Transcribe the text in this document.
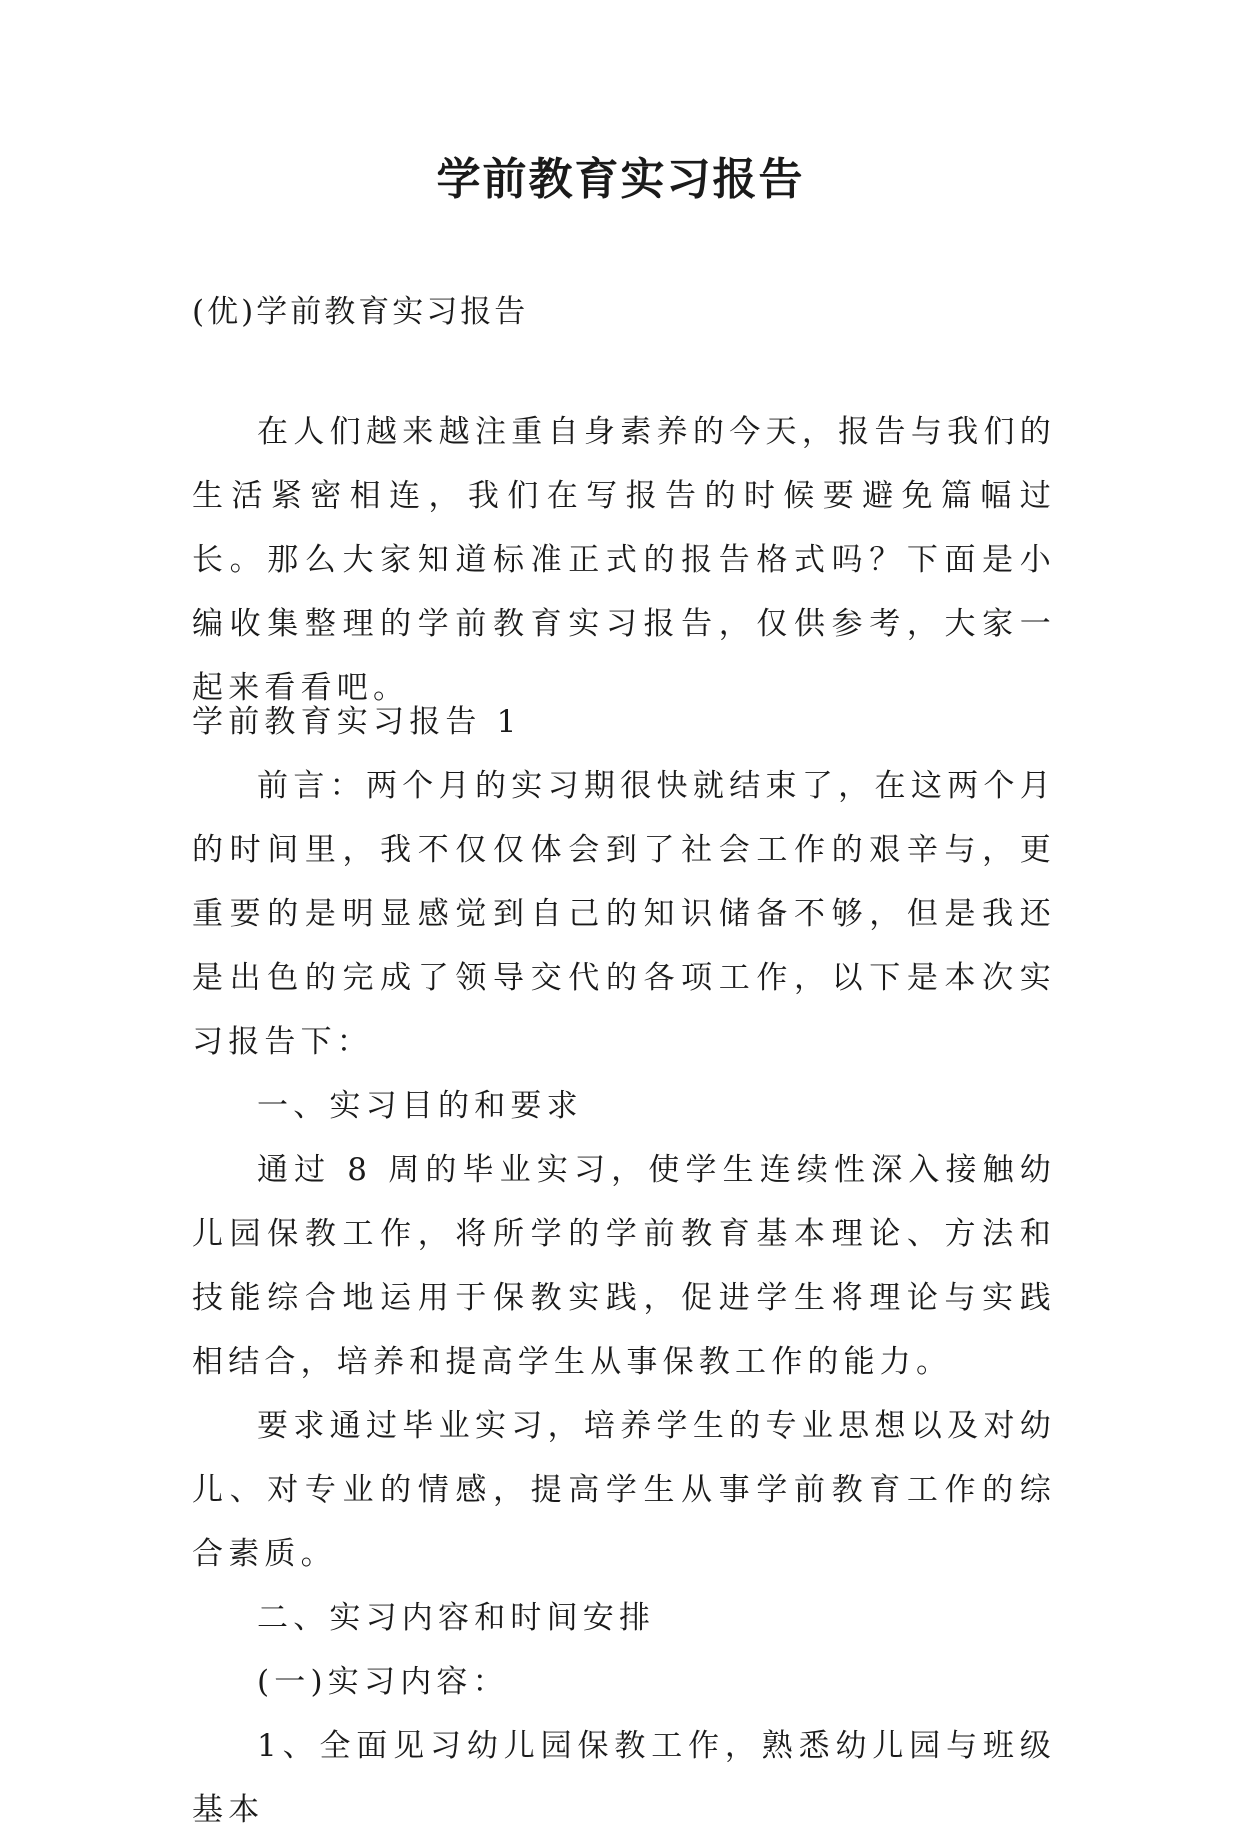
学前教育实习报告

(优)学前教育实习报告

在人们越来越注重自身素养的今天，报告与我们的生活紧密相连，我们在写报告的时候要避免篇幅过长。那么大家知道标准正式的报告格式吗？下面是小编收集整理的学前教育实习报告，仅供参考，大家一起来看看吧。

学前教育实习报告 1

前言：两个月的实习期很快就结束了，在这两个月的时间里，我不仅仅体会到了社会工作的艰辛与，更重要的是明显感觉到自己的知识储备不够，但是我还是出色的完成了领导交代的各项工作，以下是本次实习报告下：

一、实习目的和要求

通过 8 周的毕业实习，使学生连续性深入接触幼儿园保教工作，将所学的学前教育基本理论、方法和技能综合地运用于保教实践，促进学生将理论与实践相结合，培养和提高学生从事保教工作的能力。

要求通过毕业实习，培养学生的专业思想以及对幼儿、对专业的情感，提高学生从事学前教育工作的综合素质。

二、实习内容和时间安排

(一)实习内容：

1、全面见习幼儿园保教工作，熟悉幼儿园与班级基本
